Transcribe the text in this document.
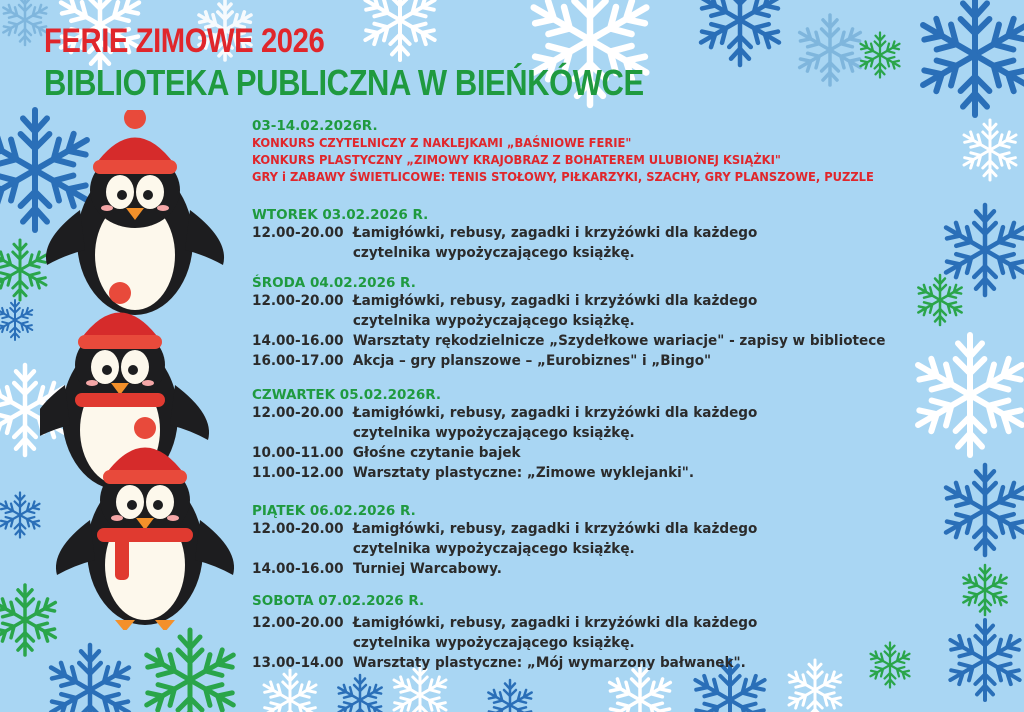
FERIE ZIMOWE 2026
BIBLIOTEKA PUBLICZNA W BIEŃKÓWCE
03-14.02.2026R.
KONKURS CZYTELNICZY Z NAKLEJKAMI „BAŚNIOWE FERIE"
KONKURS PLASTYCZNY „ZIMOWY KRAJOBRAZ Z BOHATEREM ULUBIONEJ KSIĄŻKI"
GRY i ZABAWY ŚWIETLICOWE: TENIS STOŁOWY, PIŁKARZYKI, SZACHY, GRY PLANSZOWE, PUZZLE
WTOREK 03.02.2026 R.
12.00-20.00 Łamigłówki, rebusy, zagadki i krzyżówki dla każdego
czytelnika wypożyczającego książkę.
ŚRODA 04.02.2026 R.
12.00-20.00 Łamigłówki, rebusy, zagadki i krzyżówki dla każdego
czytelnika wypożyczającego książkę.
14.00-16.00 Warsztaty rękodzielnicze „Szydełkowe wariacje" - zapisy w bibliotece
16.00-17.00 Akcja – gry planszowe – „Eurobiznes" i „Bingo"
CZWARTEK 05.02.2026R.
12.00-20.00 Łamigłówki, rebusy, zagadki i krzyżówki dla każdego
czytelnika wypożyczającego książkę.
10.00-11.00 Głośne czytanie bajek
11.00-12.00 Warsztaty plastyczne: „Zimowe wyklejanki".
PIĄTEK 06.02.2026 R.
12.00-20.00 Łamigłówki, rebusy, zagadki i krzyżówki dla każdego
czytelnika wypożyczającego książkę.
14.00-16.00 Turniej Warcabowy.
SOBOTA 07.02.2026 R.
12.00-20.00 Łamigłówki, rebusy, zagadki i krzyżówki dla każdego
czytelnika wypożyczającego książkę.
13.00-14.00 Warsztaty plastyczne: „Mój wymarzony bałwanek".
